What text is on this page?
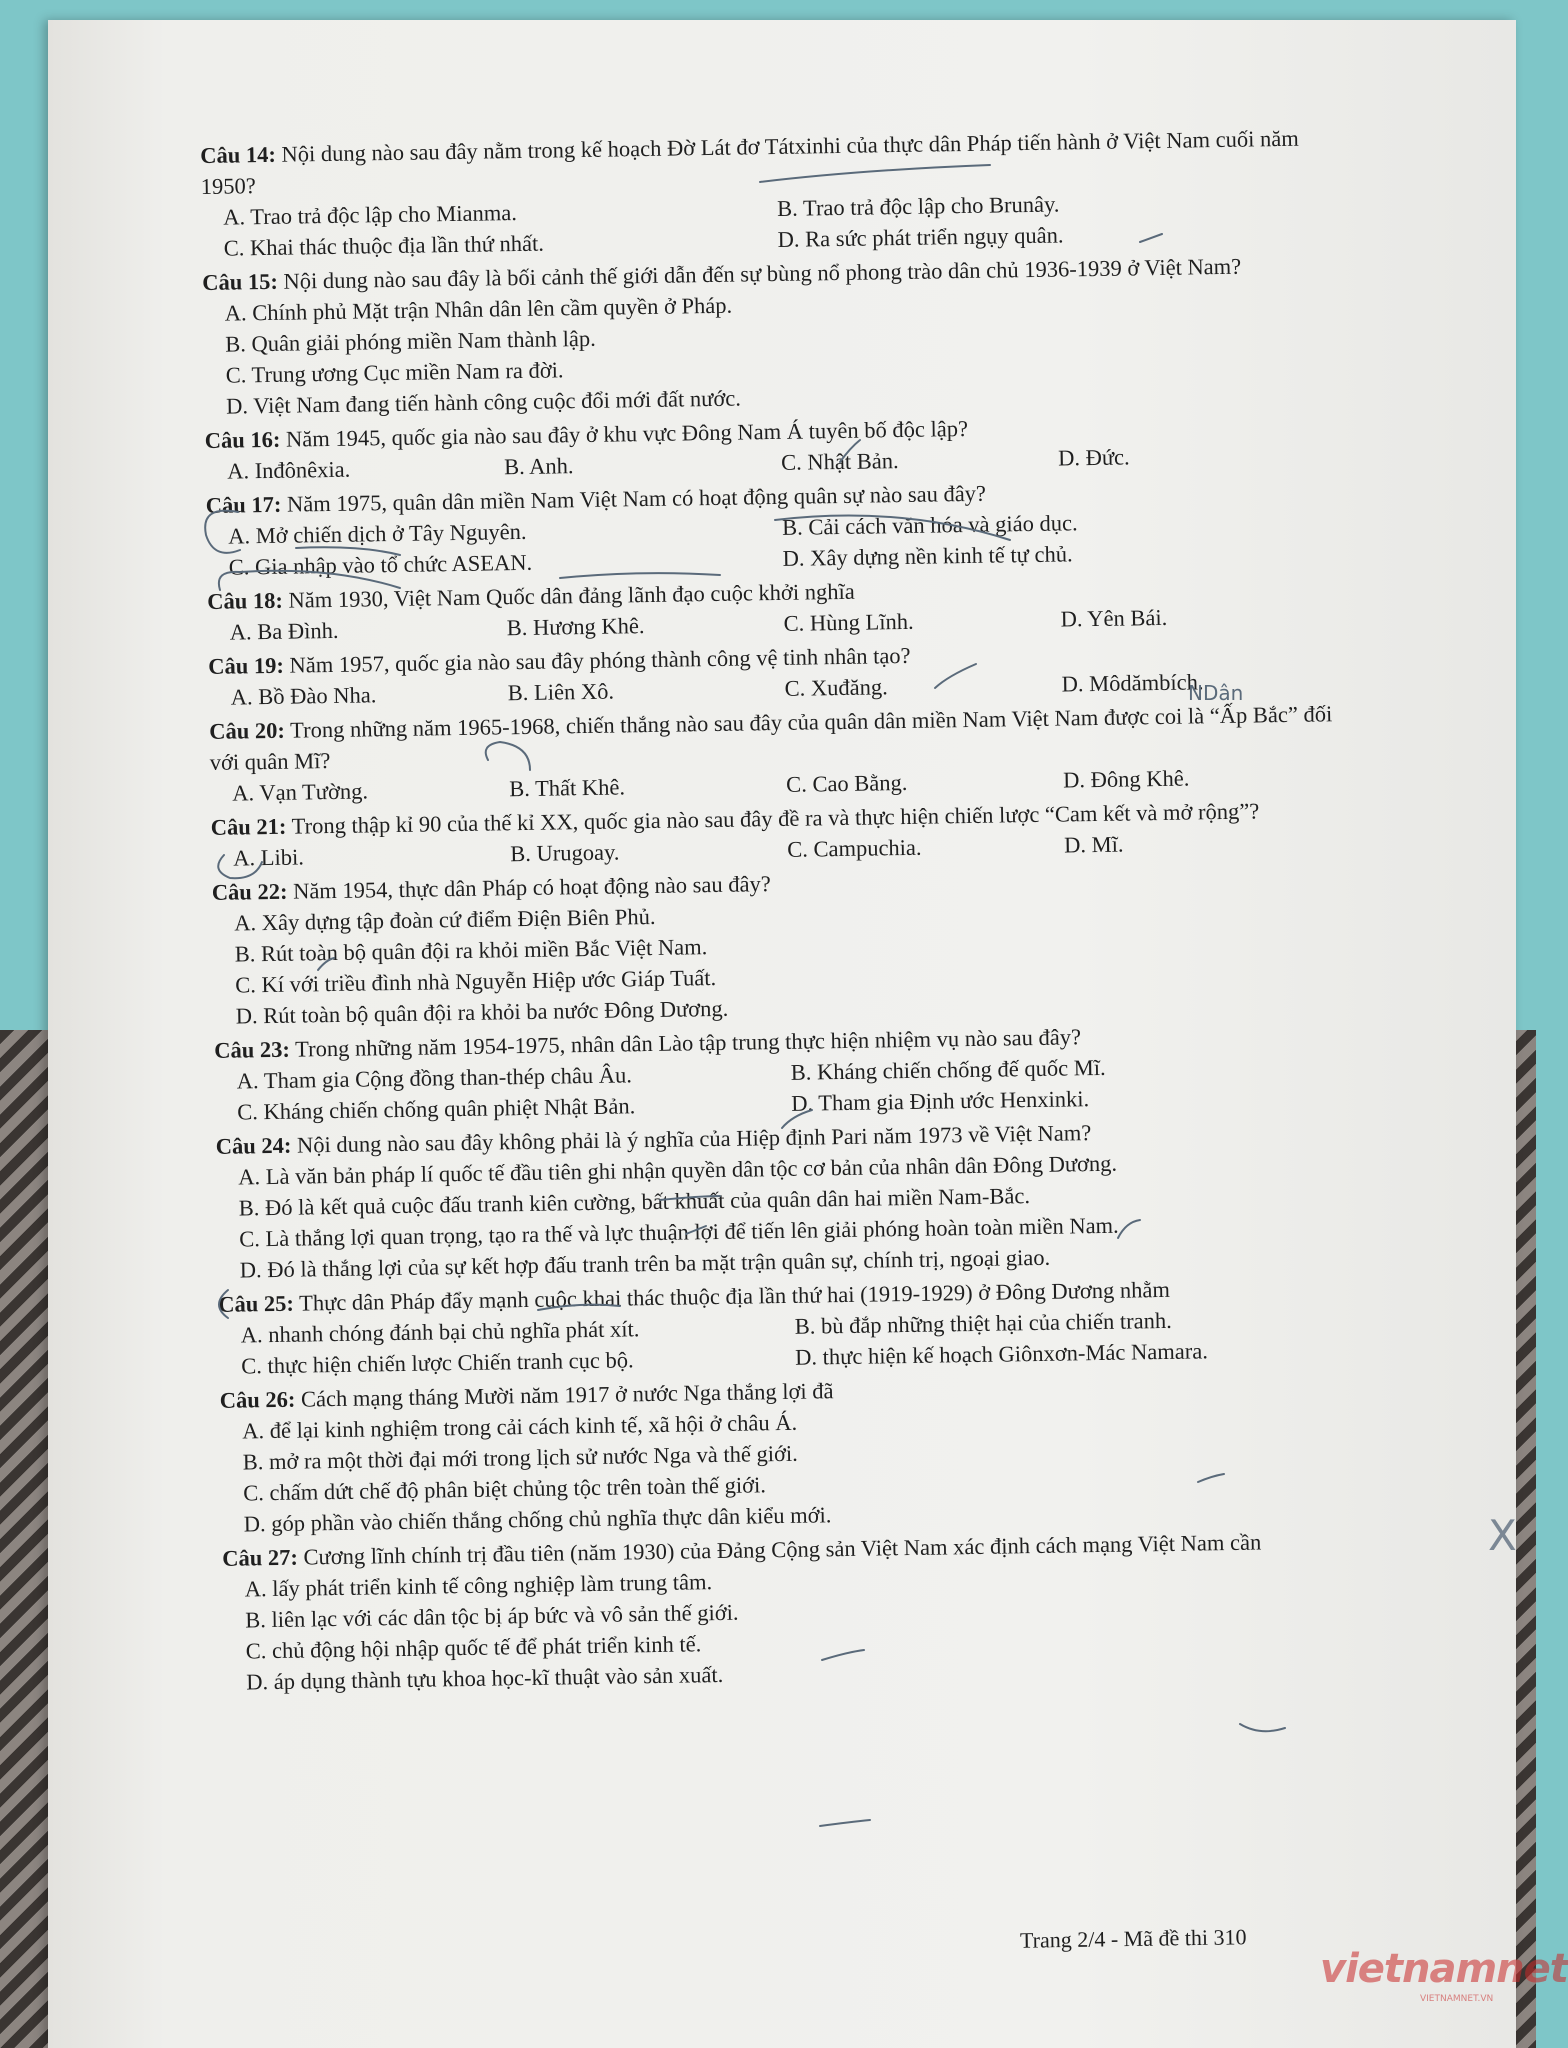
Câu 14: Nội dung nào sau đây nằm trong kế hoạch Đờ Lát đơ Tátxinhi của thực dân Pháp tiến hành ở Việt Nam cuối năm 1950?
A. Trao trả độc lập cho Mianma.	B. Trao trả độc lập cho Brunây.
C. Khai thác thuộc địa lần thứ nhất.	D. Ra sức phát triển ngụy quân.
Câu 15: Nội dung nào sau đây là bối cảnh thế giới dẫn đến sự bùng nổ phong trào dân chủ 1936-1939 ở Việt Nam?
A. Chính phủ Mặt trận Nhân dân lên cầm quyền ở Pháp.
B. Quân giải phóng miền Nam thành lập.
C. Trung ương Cục miền Nam ra đời.
D. Việt Nam đang tiến hành công cuộc đổi mới đất nước.
Câu 16: Năm 1945, quốc gia nào sau đây ở khu vực Đông Nam Á tuyên bố độc lập?
A. Inđônêxia.	B. Anh.	C. Nhật Bản.	D. Đức.
Câu 17: Năm 1975, quân dân miền Nam Việt Nam có hoạt động quân sự nào sau đây?
A. Mở chiến dịch ở Tây Nguyên.	B. Cải cách văn hóa và giáo dục.
C. Gia nhập vào tổ chức ASEAN.	D. Xây dựng nền kinh tế tự chủ.
Câu 18: Năm 1930, Việt Nam Quốc dân đảng lãnh đạo cuộc khởi nghĩa
A. Ba Đình.	B. Hương Khê.	C. Hùng Lĩnh.	D. Yên Bái.
Câu 19: Năm 1957, quốc gia nào sau đây phóng thành công vệ tinh nhân tạo?
A. Bồ Đào Nha.	B. Liên Xô.	C. Xuđăng.	D. Môdămbích.
Câu 20: Trong những năm 1965-1968, chiến thắng nào sau đây của quân dân miền Nam Việt Nam được coi là “Ấp Bắc” đối với quân Mĩ?
A. Vạn Tường.	B. Thất Khê.	C. Cao Bằng.	D. Đông Khê.
Câu 21: Trong thập kỉ 90 của thế kỉ XX, quốc gia nào sau đây đề ra và thực hiện chiến lược “Cam kết và mở rộng”?
A. Libi.	B. Urugoay.	C. Campuchia.	D. Mĩ.
Câu 22: Năm 1954, thực dân Pháp có hoạt động nào sau đây?
A. Xây dựng tập đoàn cứ điểm Điện Biên Phủ.
B. Rút toàn bộ quân đội ra khỏi miền Bắc Việt Nam.
C. Kí với triều đình nhà Nguyễn Hiệp ước Giáp Tuất.
D. Rút toàn bộ quân đội ra khỏi ba nước Đông Dương.
Câu 23: Trong những năm 1954-1975, nhân dân Lào tập trung thực hiện nhiệm vụ nào sau đây?
A. Tham gia Cộng đồng than-thép châu Âu.	B. Kháng chiến chống đế quốc Mĩ.
C. Kháng chiến chống quân phiệt Nhật Bản.	D. Tham gia Định ước Henxinki.
Câu 24: Nội dung nào sau đây không phải là ý nghĩa của Hiệp định Pari năm 1973 về Việt Nam?
A. Là văn bản pháp lí quốc tế đầu tiên ghi nhận quyền dân tộc cơ bản của nhân dân Đông Dương.
B. Đó là kết quả cuộc đấu tranh kiên cường, bất khuất của quân dân hai miền Nam-Bắc.
C. Là thắng lợi quan trọng, tạo ra thế và lực thuận lợi để tiến lên giải phóng hoàn toàn miền Nam.
D. Đó là thắng lợi của sự kết hợp đấu tranh trên ba mặt trận quân sự, chính trị, ngoại giao.
Câu 25: Thực dân Pháp đẩy mạnh cuộc khai thác thuộc địa lần thứ hai (1919-1929) ở Đông Dương nhằm
A. nhanh chóng đánh bại chủ nghĩa phát xít.	B. bù đắp những thiệt hại của chiến tranh.
C. thực hiện chiến lược Chiến tranh cục bộ.	D. thực hiện kế hoạch Giônxơn-Mác Namara.
Câu 26: Cách mạng tháng Mười năm 1917 ở nước Nga thắng lợi đã
A. để lại kinh nghiệm trong cải cách kinh tế, xã hội ở châu Á.
B. mở ra một thời đại mới trong lịch sử nước Nga và thế giới.
C. chấm dứt chế độ phân biệt chủng tộc trên toàn thế giới.
D. góp phần vào chiến thắng chống chủ nghĩa thực dân kiểu mới.
Câu 27: Cương lĩnh chính trị đầu tiên (năm 1930) của Đảng Cộng sản Việt Nam xác định cách mạng Việt Nam cần
A. lấy phát triển kinh tế công nghiệp làm trung tâm.
B. liên lạc với các dân tộc bị áp bức và vô sản thế giới.
C. chủ động hội nhập quốc tế để phát triển kinh tế.
D. áp dụng thành tựu khoa học-kĩ thuật vào sản xuất.
Trang 2/4 - Mã đề thi 310
vietnamnet
VIETNAMNET.VN
NDân
X
